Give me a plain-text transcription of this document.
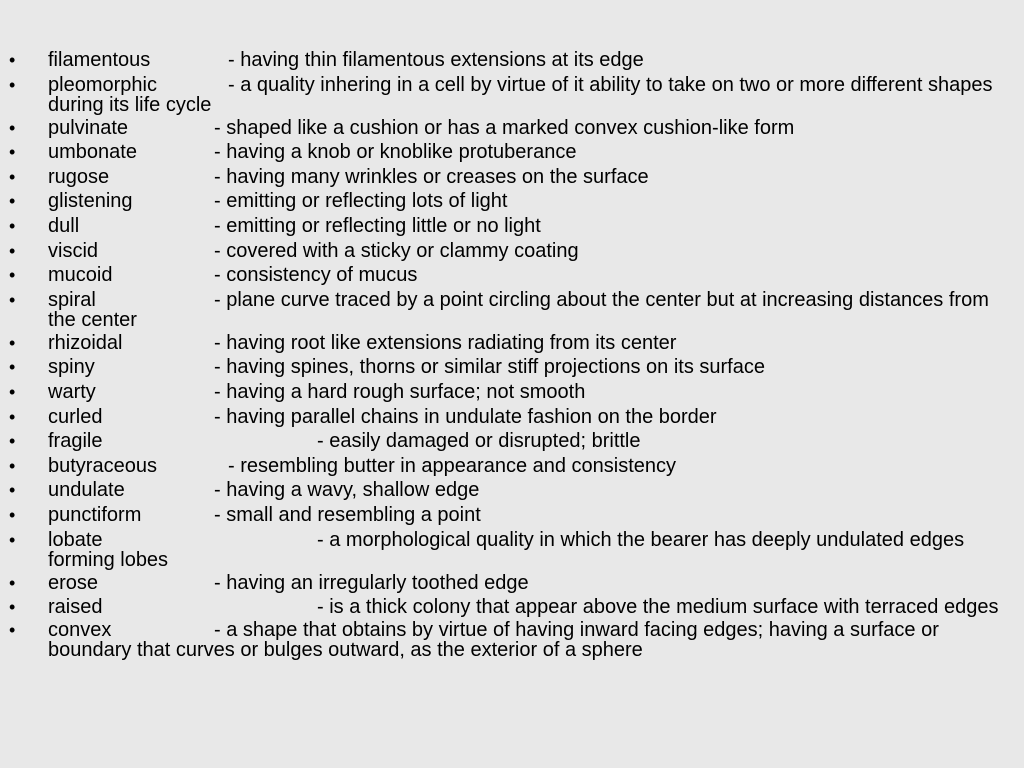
• filamentous	- having thin filamentous extensions at its edge
• pleomorphic	- a quality inhering in a cell by virtue of it ability to take on two or more different shapes during its life cycle
• pulvinate	- shaped like a cushion or has a marked convex cushion-like form
• umbonate	- having a knob or knoblike protuberance
• rugose	- having many wrinkles or creases on the surface
• glistening	- emitting or reflecting lots of light
• dull	- emitting or reflecting little or no light
• viscid	- covered with a sticky or clammy coating
• mucoid	- consistency of mucus
• spiral	- plane curve traced by a point circling about the center but at increasing distances from the center
• rhizoidal	- having root like extensions radiating from its center
• spiny	- having spines, thorns or similar stiff projections on its surface
• warty	- having a hard rough surface; not smooth
• curled	- having parallel chains in undulate fashion on the border
• fragile	- easily damaged or disrupted; brittle
• butyraceous	- resembling butter in appearance and consistency
• undulate	- having a wavy, shallow edge
• punctiform	- small and resembling a point
• lobate	- a morphological quality in which the bearer has deeply undulated edges forming lobes
• erose	- having an irregularly toothed edge
• raised	- is a thick colony that appear above the medium surface with terraced edges
• convex	- a shape that obtains by virtue of having inward facing edges; having a surface or boundary that curves or bulges outward, as the exterior of a sphere
